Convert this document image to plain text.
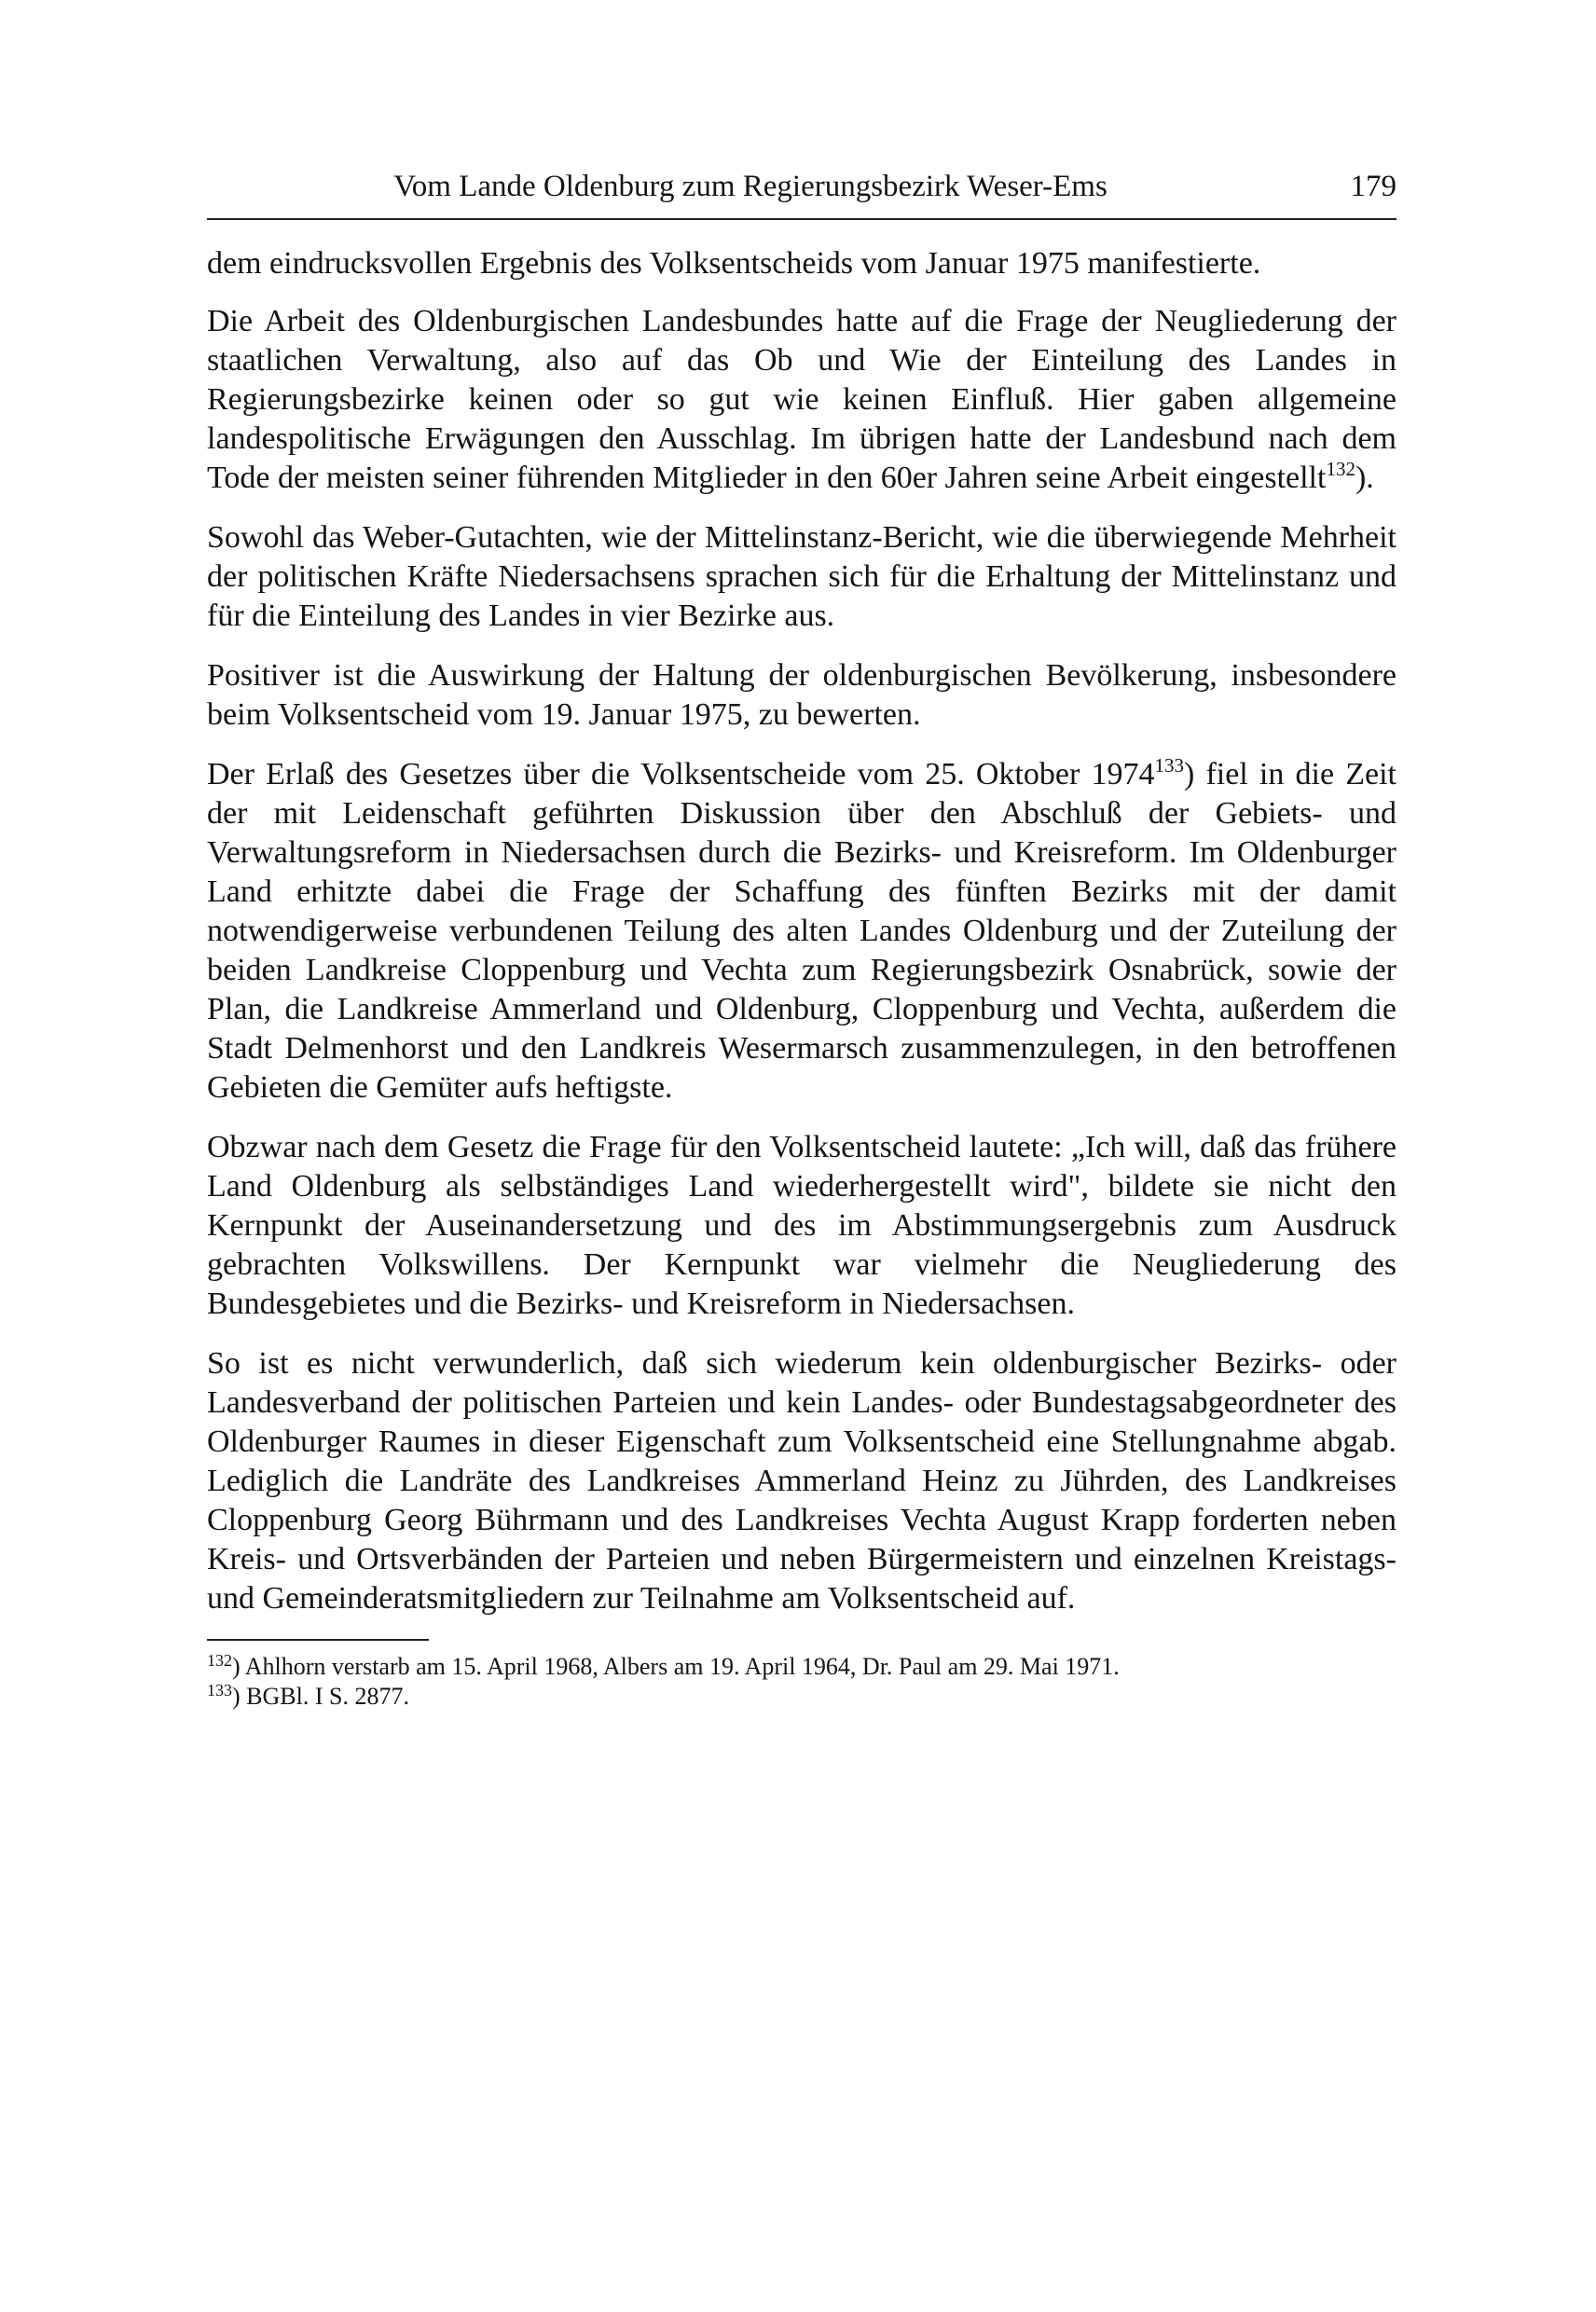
Vom Lande Oldenburg zum Regierungsbezirk Weser-Ems	179

dem eindrucksvollen Ergebnis des Volksentscheids vom Januar 1975 manifestierte.

Die Arbeit des Oldenburgischen Landesbundes hatte auf die Frage der Neugliederung der staatlichen Verwaltung, also auf das Ob und Wie der Einteilung des Landes in Regierungsbezirke keinen oder so gut wie keinen Einfluß. Hier gaben allgemeine landespolitische Erwägungen den Ausschlag. Im übrigen hatte der Landesbund nach dem Tode der meisten seiner führenden Mitglieder in den 60er Jahren seine Arbeit eingestellt$^{132}$).

Sowohl das Weber-Gutachten, wie der Mittelinstanz-Bericht, wie die überwiegende Mehrheit der politischen Kräfte Niedersachsens sprachen sich für die Erhaltung der Mittelinstanz und für die Einteilung des Landes in vier Bezirke aus.

Positiver ist die Auswirkung der Haltung der oldenburgischen Bevölkerung, insbesondere beim Volksentscheid vom 19. Januar 1975, zu bewerten.

Der Erlaß des Gesetzes über die Volksentscheide vom 25. Oktober 1974$^{133}$) fiel in die Zeit der mit Leidenschaft geführten Diskussion über den Abschluß der Gebiets- und Verwaltungsreform in Niedersachsen durch die Bezirks- und Kreisreform. Im Oldenburger Land erhitzte dabei die Frage der Schaffung des fünften Bezirks mit der damit notwendigerweise verbundenen Teilung des alten Landes Oldenburg und der Zuteilung der beiden Landkreise Cloppenburg und Vechta zum Regierungsbezirk Osnabrück, sowie der Plan, die Landkreise Ammerland und Oldenburg, Cloppenburg und Vechta, außerdem die Stadt Delmenhorst und den Landkreis Wesermarsch zusammenzulegen, in den betroffenen Gebieten die Gemüter aufs heftigste.

Obzwar nach dem Gesetz die Frage für den Volksentscheid lautete: „Ich will, daß das frühere Land Oldenburg als selbständiges Land wiederhergestellt wird", bildete sie nicht den Kernpunkt der Auseinandersetzung und des im Abstimmungsergebnis zum Ausdruck gebrachten Volkswillens. Der Kernpunkt war vielmehr die Neugliederung des Bundesgebietes und die Bezirks- und Kreisreform in Niedersachsen.

So ist es nicht verwunderlich, daß sich wiederum kein oldenburgischer Bezirks- oder Landesverband der politischen Parteien und kein Landes- oder Bundestagsabgeordneter des Oldenburger Raumes in dieser Eigenschaft zum Volksentscheid eine Stellungnahme abgab. Lediglich die Landräte des Landkreises Ammerland Heinz zu Jührden, des Landkreises Cloppenburg Georg Bührmann und des Landkreises Vechta August Krapp forderten neben Kreis- und Ortsverbänden der Parteien und neben Bürgermeistern und einzelnen Kreistags- und Gemeinderatsmitgliedern zur Teilnahme am Volksentscheid auf.

$^{132}$) Ahlhorn verstarb am 15. April 1968, Albers am 19. April 1964, Dr. Paul am 29. Mai 1971.

$^{133}$) BGBl. I S. 2877.
